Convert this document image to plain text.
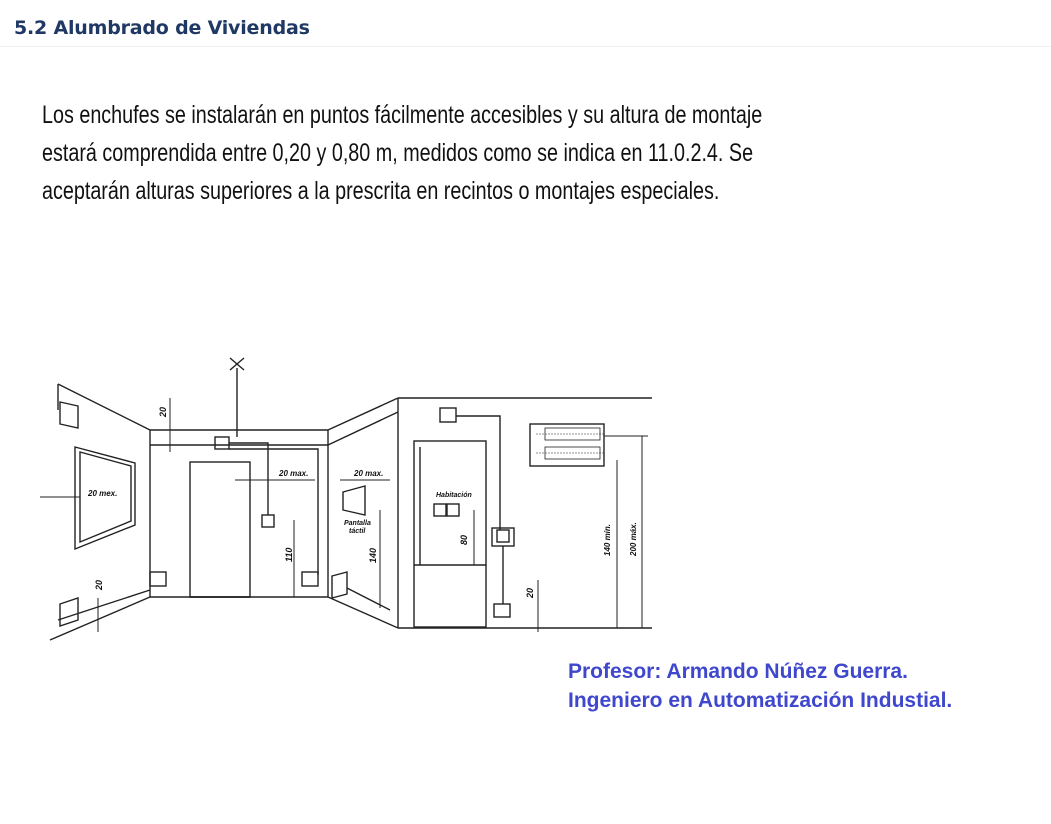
5.2 Alumbrado de Viviendas
Los enchufes se instalarán en puntos fácilmente accesibles y su altura de montaje
estará comprendida entre 0,20 y 0,80 m, medidos como se indica en 11.0.2.4. Se
aceptarán alturas superiores a la prescrita en recintos o montajes especiales.
20 mex.
20
20
20 max.
110
20 max.
Pantalla
táctil
140
Habitación
80
20
140 mín. 200 máx.
Profesor: Armando Núñez Guerra.
Ingeniero en Automatización Industial.
